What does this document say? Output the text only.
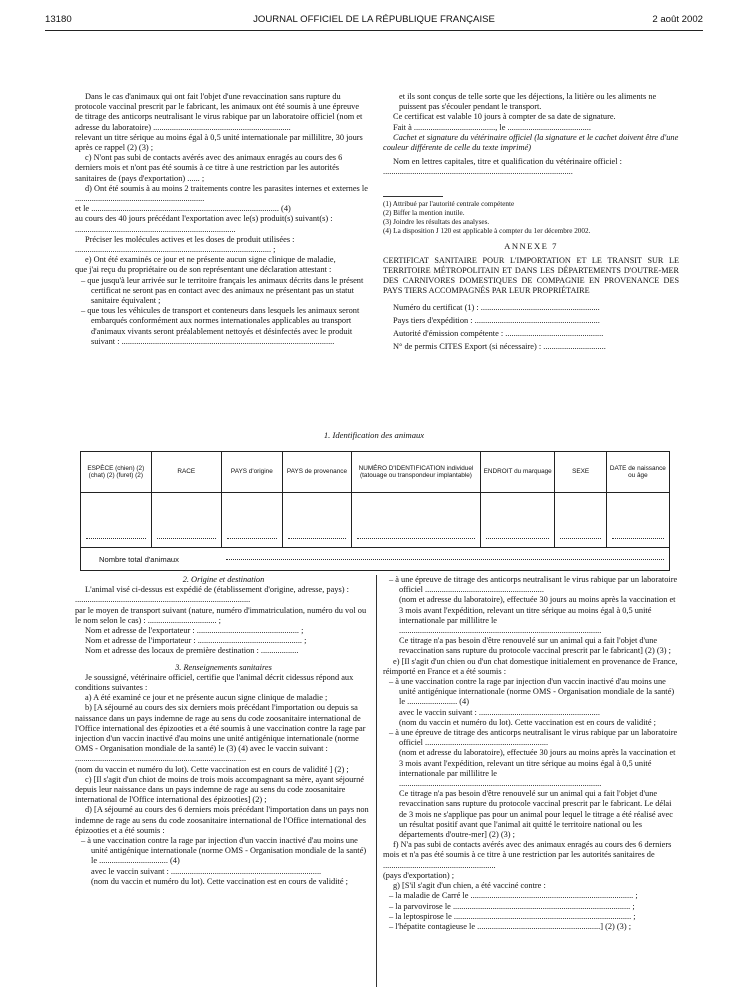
13180	JOURNAL OFFICIEL DE LA RÉPUBLIQUE FRANÇAISE	2 août 2002

Dans le cas d'animaux qui ont fait l'objet d'une revaccination sans rupture du protocole vaccinal prescrit par le fabricant, les animaux ont été soumis à une épreuve de titrage des anticorps neutralisant le virus rabique par un laboratoire officiel (nom et adresse du laboratoire) ..................................................................

relevant un titre sérique au moins égal à 0,5 unité internationale par millilitre, 30 jours après ce rappel (2) (3) ;

c) N'ont pas subi de contacts avérés avec des animaux enragés au cours des 6 derniers mois et n'ont pas été soumis à ce titre à une restriction par les autorités sanitaires de (pays d'exportation) ...... ;

d) Ont été soumis à au moins 2 traitements contre les parasites internes et externes le ..............................................................

et le .......................................................................................... (4)

au cours des 40 jours précédant l'exportation avec le(s) produit(s) suivant(s) : .............................................................................

Préciser les molécules actives et les doses de produit utilisées : .............................................................................................. ;

e) Ont été examinés ce jour et ne présente aucun signe clinique de maladie,

que j'ai reçu du propriétaire ou de son représentant une déclaration attestant :

– que jusqu'à leur arrivée sur le territoire français les animaux décrits dans le présent certificat ne seront pas en contact avec des animaux ne présentant pas un statut sanitaire équivalent ;

– que tous les véhicules de transport et conteneurs dans lesquels les animaux seront embarqués conformément aux normes internationales applicables au transport d'animaux vivants seront préalablement nettoyés et désinfectés avec le produit suivant : ......................................................................................................

et ils sont conçus de telle sorte que les déjections, la litière ou les aliments ne puissent pas s'écouler pendant le transport.

Ce certificat est valable 10 jours à compter de sa date de signature.

Fait à ......................................., le ........................................

Cachet et signature du vétérinaire officiel (la signature et le cachet doivent être d'une couleur différente de celle du texte imprimé)

Nom en lettres capitales, titre et qualification du vétérinaire officiel : ...........................................................................................

(1) Attribué par l'autorité centrale compétente

(2) Biffer la mention inutile.

(3) Joindre les résultats des analyses.

(4) La disposition J 120 est applicable à compter du 1er décembre 2002.

ANNEXE 7

CERTIFICAT SANITAIRE POUR L'IMPORTATION ET LE TRANSIT SUR LE TERRITOIRE MÉTROPOLITAIN ET DANS LES DÉPARTEMENTS D'OUTRE-MER DES CARNIVORES DOMESTIQUES DE COMPAGNIE EN PROVENANCE DES PAYS TIERS ACCOMPAGNÉS PAR LEUR PROPRIÉTAIRE

Numéro du certificat (1) : .........................................................

Pays tiers d'expédition : ............................................................

Autorité d'émission compétente : ...............................................

N° de permis CITES Export (si nécessaire) : ..............................

1. Identification des animaux
ESPÈCE (chien) (2) (chat) (2) (furet) (2)	RACE	PAYS d'origine	PAYS de provenance	NUMÉRO D'IDENTIFICATION individuel (tatouage ou transpondeur implantable)	ENDROIT du marquage	SEXE	DATE de naissance ou âge

Nombre total d'animaux							

2. Origine et destination

L'animal visé ci-dessus est expédié de (établissement d'origine, adresse, pays) : ....................................................................................

par le moyen de transport suivant (nature, numéro d'immatriculation, numéro du vol ou le nom selon le cas) : ................................. ;

Nom et adresse de l'exportateur : ................................................. ;

Nom et adresse de l'importateur : .................................................. ;

Nom et adresse des locaux de première destination : ..................

3. Renseignements sanitaires

Je soussigné, vétérinaire officiel, certifie que l'animal décrit cidessus répond aux conditions suivantes :

a) A été examiné ce jour et ne présente aucun signe clinique de maladie ;

b) [A séjourné au cours des six derniers mois précédant l'importation ou depuis sa naissance dans un pays indemne de rage au sens du code zoosanitaire international de l'Office international des épizooties et a été soumis à une vaccination contre la rage par injection d'un vaccin inactivé d'au moins une unité antigénique internationale (norme OMS - Organisation mondiale de la santé) le (3) (4) avec le vaccin suivant : ..................................................................................

(nom du vaccin et numéro du lot). Cette vaccination est en cours de validité ] (2) ;

c) [Il s'agit d'un chiot de moins de trois mois accompagnant sa mère, ayant séjourné depuis leur naissance dans un pays indemne de rage au sens du code zoosanitaire international de l'Office international des épizooties] (2) ;

d) [A séjourné au cours des 6 derniers mois précédant l'importation dans un pays non indemne de rage au sens du code zoosanitaire international de l'Office international des épizooties et a été soumis :

– à une vaccination contre la rage par injection d'un vaccin inactivé d'au moins une unité antigénique internationale (norme OMS - Organisation mondiale de la santé) le ................................. (4)

avec le vaccin suivant : ........................................................................

(nom du vaccin et numéro du lot). Cette vaccination est en cours de validité ;

– à une épreuve de titrage des anticorps neutralisant le virus rabique par un laboratoire officiel .........................................................

(nom et adresse du laboratoire), effectuée 30 jours au moins après la vaccination et 3 mois avant l'expédition, relevant un titre sérique au moins égal à 0,5 unité internationale par millilitre le .................................................................................................

Ce titrage n'a pas besoin d'être renouvelé sur un animal qui a fait l'objet d'une revaccination sans rupture du protocole vaccinal prescrit par le fabricant] (2) (3) ;

e) [Il s'agit d'un chien ou d'un chat domestique initialement en provenance de France, réimporté en France et a été soumis :

– à une vaccination contre la rage par injection d'un vaccin inactivé d'au moins une unité antigénique internationale (norme OMS - Organisation mondiale de la santé) le ........................ (4)

avec le vaccin suivant : ..........................................................

(nom du vaccin et numéro du lot). Cette vaccination est en cours de validité ;

– à une épreuve de titrage des anticorps neutralisant le virus rabique par un laboratoire officiel ...........................................................

(nom et adresse du laboratoire), effectuée 30 jours au moins après la vaccination et 3 mois avant l'expédition, relevant un titre sérique au moins égal à 0,5 unité internationale par millilitre le .................................................................................................

Ce titrage n'a pas besoin d'être renouvelé sur un animal qui a fait l'objet d'une revaccination sans rupture du protocole vaccinal prescrit par le fabricant. Le délai de 3 mois ne s'applique pas pour un animal pour lequel le titrage a été réalisé avec un résultat positif avant que l'animal ait quitté le territoire national ou les départements d'outre-mer] (2) (3) ;

f) N'a pas subi de contacts avérés avec des animaux enragés au cours des 6 derniers mois et n'a pas été soumis à ce titre à une restriction par les autorités sanitaires de ......................................................

(pays d'exportation) ;

g) [S'il s'agit d'un chien, a été vacciné contre :

– la maladie de Carré le .............................................................................. ;

– la parvovirose le ..................................................................................... ;

– la leptospirose le ..................................................................................... ;

– l'hépatite contagieuse le ...........................................................] (2) (3) ;
